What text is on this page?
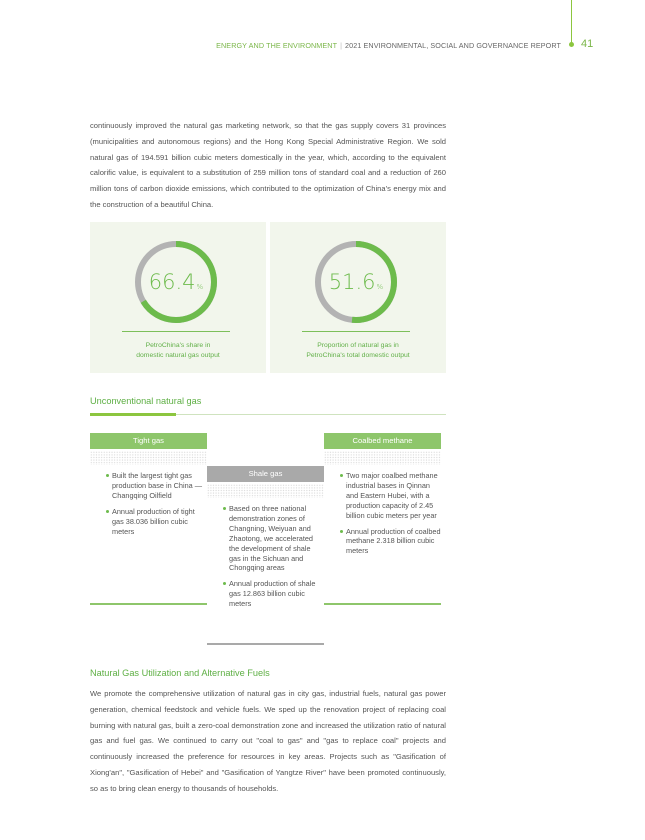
ENERGY AND THE ENVIRONMENT | 2021 ENVIRONMENTAL, SOCIAL AND GOVERNANCE REPORT 41

continuously improved the natural gas marketing network, so that the gas supply covers 31 provinces (municipalities and autonomous regions) and the Hong Kong Special Administrative Region. We sold natural gas of 194.591 billion cubic meters domestically in the year, which, according to the equivalent calorific value, is equivalent to a substitution of 259 million tons of standard coal and a reduction of 260 million tons of carbon dioxide emissions, which contributed to the optimization of China's energy mix and the construction of a beautiful China.

66.4%
PetroChina's share in
domestic natural gas output
51.6%
Proportion of natural gas in
PetroChina's total domestic output
Unconventional natural gas
Tight gas
Built the largest tight gas production base in China — Changqing Oilfield
Annual production of tight gas 38.036 billion cubic meters
Shale gas
Based on three national demonstration zones of Changning, Weiyuan and Zhaotong, we accelerated the development of shale gas in the Sichuan and Chongqing areas
Annual production of shale gas 12.863 billion cubic meters
Coalbed methane
Two major coalbed methane industrial bases in Qinnan and Eastern Hubei, with a production capacity of 2.45 billion cubic meters per year
Annual production of coalbed methane 2.318 billion cubic meters
Natural Gas Utilization and Alternative Fuels

We promote the comprehensive utilization of natural gas in city gas, industrial fuels, natural gas power generation, chemical feedstock and vehicle fuels. We sped up the renovation project of replacing coal burning with natural gas, built a zero-coal demonstration zone and increased the utilization ratio of natural gas and fuel gas. We continued to carry out "coal to gas" and "gas to replace coal" projects and continuously increased the preference for resources in key areas. Projects such as "Gasification of Xiong'an", "Gasification of Hebei" and "Gasification of Yangtze River" have been promoted continuously, so as to bring clean energy to thousands of households.
